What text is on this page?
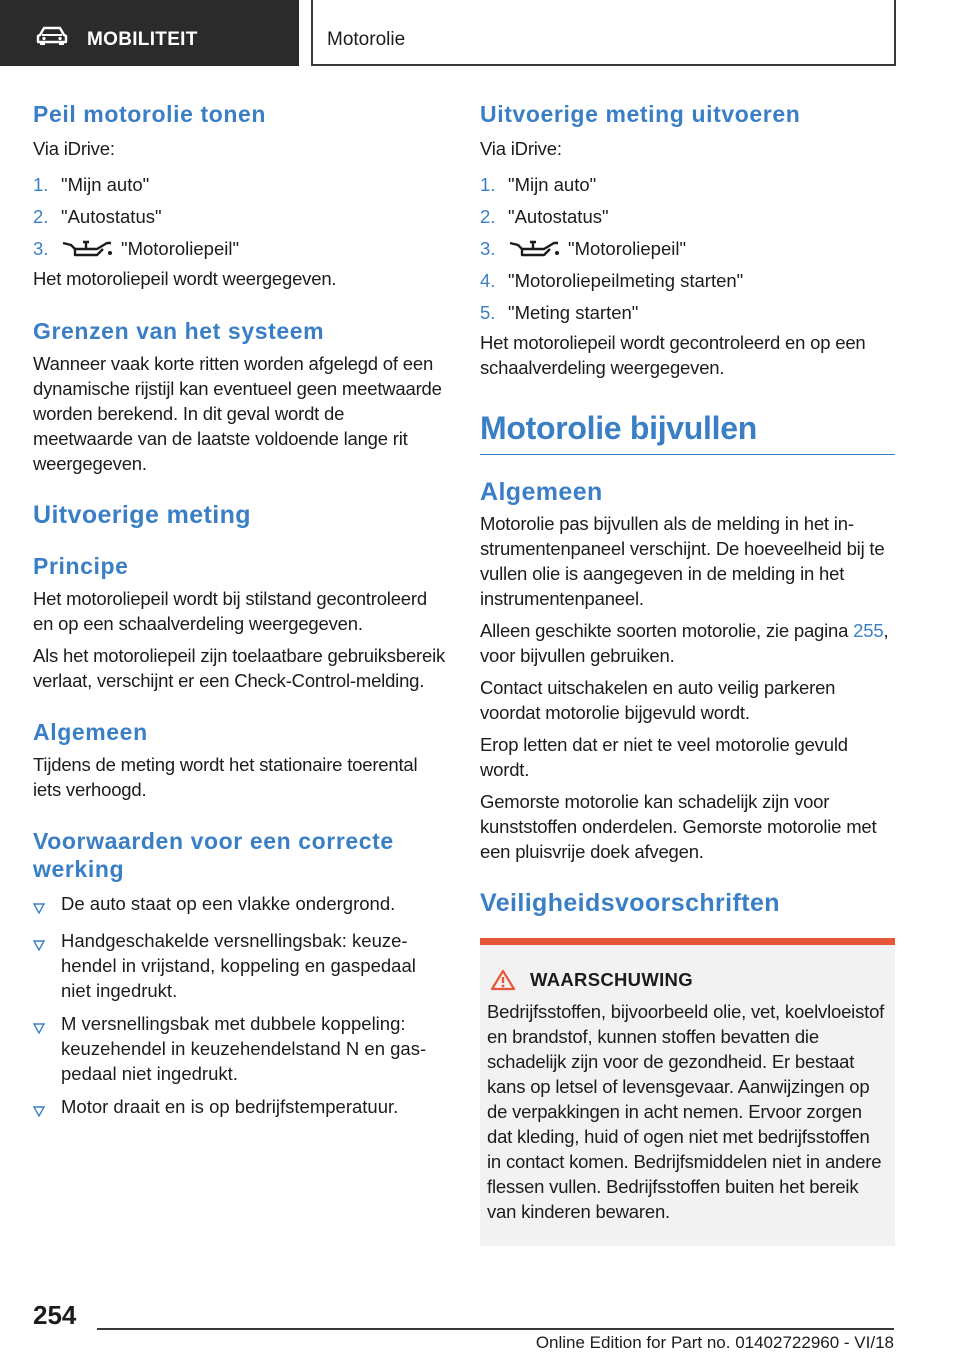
MOBILITEIT	Motorolie
Peil motorolie tonen

Via iDrive:

1. "Mijn auto"
2. "Autostatus"
3.	"Motoroliepeil"

Het motoroliepeil wordt weergegeven.

Grenzen van het systeem

Wanneer vaak korte ritten worden afgelegd of een dynamische rijstijl kan eventueel geen meetwaarde worden berekend. In dit geval wordt de meetwaarde van de laatste voldoende lange rit weergegeven.

Uitvoerige meting
Principe

Het motoroliepeil wordt bij stilstand gecontroleerd en op een schaalverdeling weergegeven.

Als het motoroliepeil zijn toelaatbare gebruiksbereik verlaat, verschijnt er een Check-Control-melding.

Algemeen

Tijdens de meting wordt het stationaire toerental iets verhoogd.

Voorwaarden voor een correcte werking
De auto staat op een vlakke ondergrond.
Handgeschakelde versnellingsbak: keuzehendel in vrijstand, koppeling en gaspedaal niet ingedrukt.
M versnellingsbak met dubbele koppeling: keuzehendel in keuzehendelstand N en gaspedaal niet ingedrukt.
Motor draait en is op bedrijfstemperatuur.
Uitvoerige meting uitvoeren

Via iDrive:

1. "Mijn auto"
2. "Autostatus"
3.	"Motoroliepeil"
4. "Motoroliepeilmeting starten"
5. "Meting starten"

Het motoroliepeil wordt gecontroleerd en op een schaalverdeling weergegeven.

Motorolie bijvullen
Algemeen

Motorolie pas bijvullen als de melding in het instrumentenpaneel verschijnt. De hoeveelheid bij te vullen olie is aangegeven in de melding in het instrumentenpaneel.

Alleen geschikte soorten motorolie, zie pagina 255, voor bijvullen gebruiken.

Contact uitschakelen en auto veilig parkeren voordat motorolie bijgevuld wordt.

Erop letten dat er niet te veel motorolie gevuld wordt.

Gemorste motorolie kan schadelijk zijn voor kunststoffen onderdelen. Gemorste motorolie met een pluisvrije doek afvegen.

Veiligheidsvoorschriften
WAARSCHUWING

Bedrijfsstoffen, bijvoorbeeld olie, vet, koelvloeistof en brandstof, kunnen stoffen bevatten die schadelijk zijn voor de gezondheid. Er bestaat kans op letsel of levensgevaar. Aanwijzingen op de verpakkingen in acht nemen. Ervoor zorgen dat kleding, huid of ogen niet met bedrijfsstoffen in contact komen. Bedrijfsmiddelen niet in andere flessen vullen. Bedrijfsstoffen buiten het bereik van kinderen bewaren.

254
Online Edition for Part no. 01402722960 - VI/18
